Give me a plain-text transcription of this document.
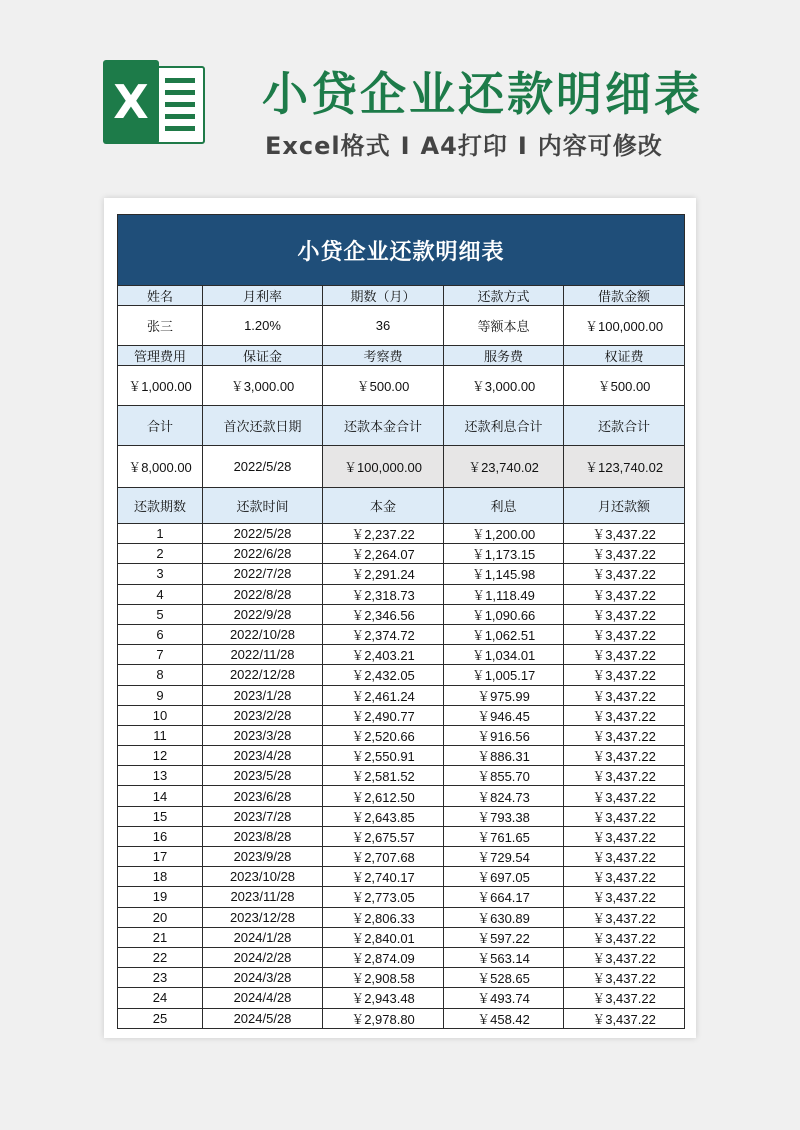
X 小贷企业还款明细表
Excel格式 I A4打印 I 内容可修改
小贷企业还款明细表				
姓名	月利率	期数（月）	还款方式	借款金额
张三	1.20%	36	等额本息	￥100,000.00
管理费用	保证金	考察费	服务费	权证费
￥1,000.00	￥3,000.00	￥500.00	￥3,000.00	￥500.00
合计	首次还款日期	还款本金合计	还款利息合计	还款合计
￥8,000.00	2022/5/28	￥100,000.00	￥23,740.02	￥123,740.02
还款期数	还款时间	本金	利息	月还款额
1	2022/5/28	￥2,237.22	￥1,200.00	￥3,437.22
2	2022/6/28	￥2,264.07	￥1,173.15	￥3,437.22
3	2022/7/28	￥2,291.24	￥1,145.98	￥3,437.22
4	2022/8/28	￥2,318.73	￥1,118.49	￥3,437.22
5	2022/9/28	￥2,346.56	￥1,090.66	￥3,437.22
6	2022/10/28	￥2,374.72	￥1,062.51	￥3,437.22
7	2022/11/28	￥2,403.21	￥1,034.01	￥3,437.22
8	2022/12/28	￥2,432.05	￥1,005.17	￥3,437.22
9	2023/1/28	￥2,461.24	￥975.99	￥3,437.22
10	2023/2/28	￥2,490.77	￥946.45	￥3,437.22
11	2023/3/28	￥2,520.66	￥916.56	￥3,437.22
12	2023/4/28	￥2,550.91	￥886.31	￥3,437.22
13	2023/5/28	￥2,581.52	￥855.70	￥3,437.22
14	2023/6/28	￥2,612.50	￥824.73	￥3,437.22
15	2023/7/28	￥2,643.85	￥793.38	￥3,437.22
16	2023/8/28	￥2,675.57	￥761.65	￥3,437.22
17	2023/9/28	￥2,707.68	￥729.54	￥3,437.22
18	2023/10/28	￥2,740.17	￥697.05	￥3,437.22
19	2023/11/28	￥2,773.05	￥664.17	￥3,437.22
20	2023/12/28	￥2,806.33	￥630.89	￥3,437.22
21	2024/1/28	￥2,840.01	￥597.22	￥3,437.22
22	2024/2/28	￥2,874.09	￥563.14	￥3,437.22
23	2024/3/28	￥2,908.58	￥528.65	￥3,437.22
24	2024/4/28	￥2,943.48	￥493.74	￥3,437.22
25	2024/5/28	￥2,978.80	￥458.42	￥3,437.22
